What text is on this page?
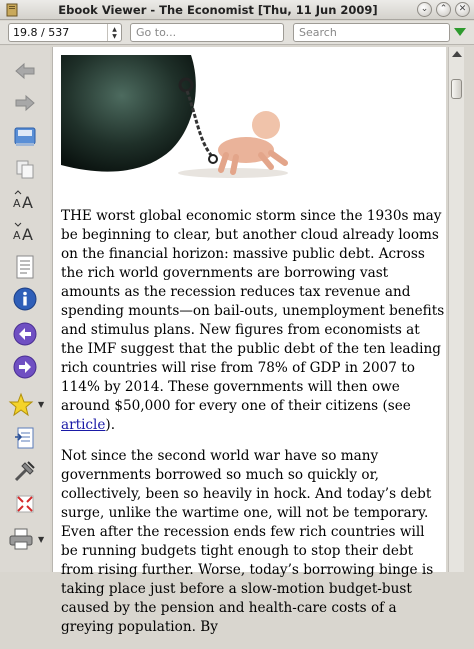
Ebook Viewer - The Economist [Thu, 11 Jun 2009]	⌄ ⌃ ✕
19.8 / 537	▲
▼	Go to...	Search
A A
A A
▼
▼

THE worst global economic storm since the 1930s may be beginning to clear, but another cloud already looms on the financial horizon: massive public debt. Across the rich world governments are borrowing vast amounts as the recession reduces tax revenue and spending mounts—on bail-outs, unemployment benefits and stimulus plans. New figures from economists at the IMF suggest that the public debt of the ten leading rich countries will rise from 78% of GDP in 2007 to 114% by 2014. These governments will then owe around $50,000 for every one of their citizens (see article).

Not since the second world war have so many governments borrowed so much so quickly or, collectively, been so heavily in hock. And today’s debt surge, unlike the wartime one, will not be temporary. Even after the recession ends few rich countries will be running budgets tight enough to stop their debt from rising further. Worse, today’s borrowing binge is taking place just before a slow-motion budget-bust caused by the pension and health-care costs of a greying population. By
